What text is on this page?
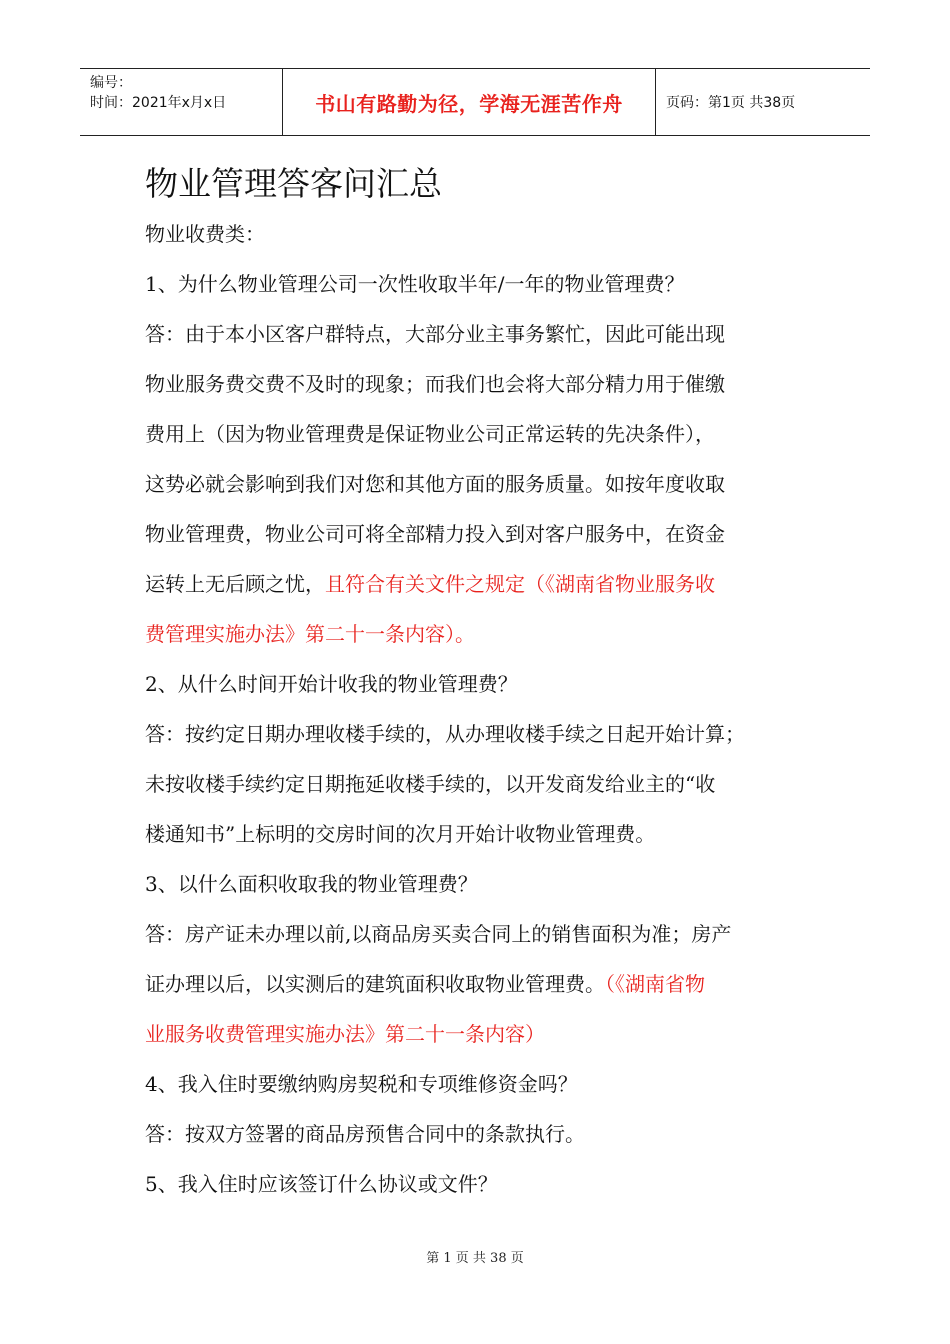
编号：
时间：2021年x月x日	书山有路勤为径，学海无涯苦作舟	页码：第1页 共38页
物业管理答客问汇总
物业收费类：
1、为什么物业管理公司一次性收取半年/一年的物业管理费？
答：由于本小区客户群特点，大部分业主事务繁忙，因此可能出现
物业服务费交费不及时的现象；而我们也会将大部分精力用于催缴
费用上（因为物业管理费是保证物业公司正常运转的先决条件），
这势必就会影响到我们对您和其他方面的服务质量。如按年度收取
物业管理费，物业公司可将全部精力投入到对客户服务中，在资金
运转上无后顾之忧，且符合有关文件之规定（《湖南省物业服务收
费管理实施办法》第二十一条内容）。
2、从什么时间开始计收我的物业管理费？
答：按约定日期办理收楼手续的，从办理收楼手续之日起开始计算；
未按收楼手续约定日期拖延收楼手续的，以开发商发给业主的“收
楼通知书”上标明的交房时间的次月开始计收物业管理费。
3、以什么面积收取我的物业管理费？
答：房产证未办理以前,以商品房买卖合同上的销售面积为准；房产
证办理以后，以实测后的建筑面积收取物业管理费。（《湖南省物
业服务收费管理实施办法》第二十一条内容）
4、我入住时要缴纳购房契税和专项维修资金吗？
答：按双方签署的商品房预售合同中的条款执行。
5、我入住时应该签订什么协议或文件？
第 1 页 共 38 页
